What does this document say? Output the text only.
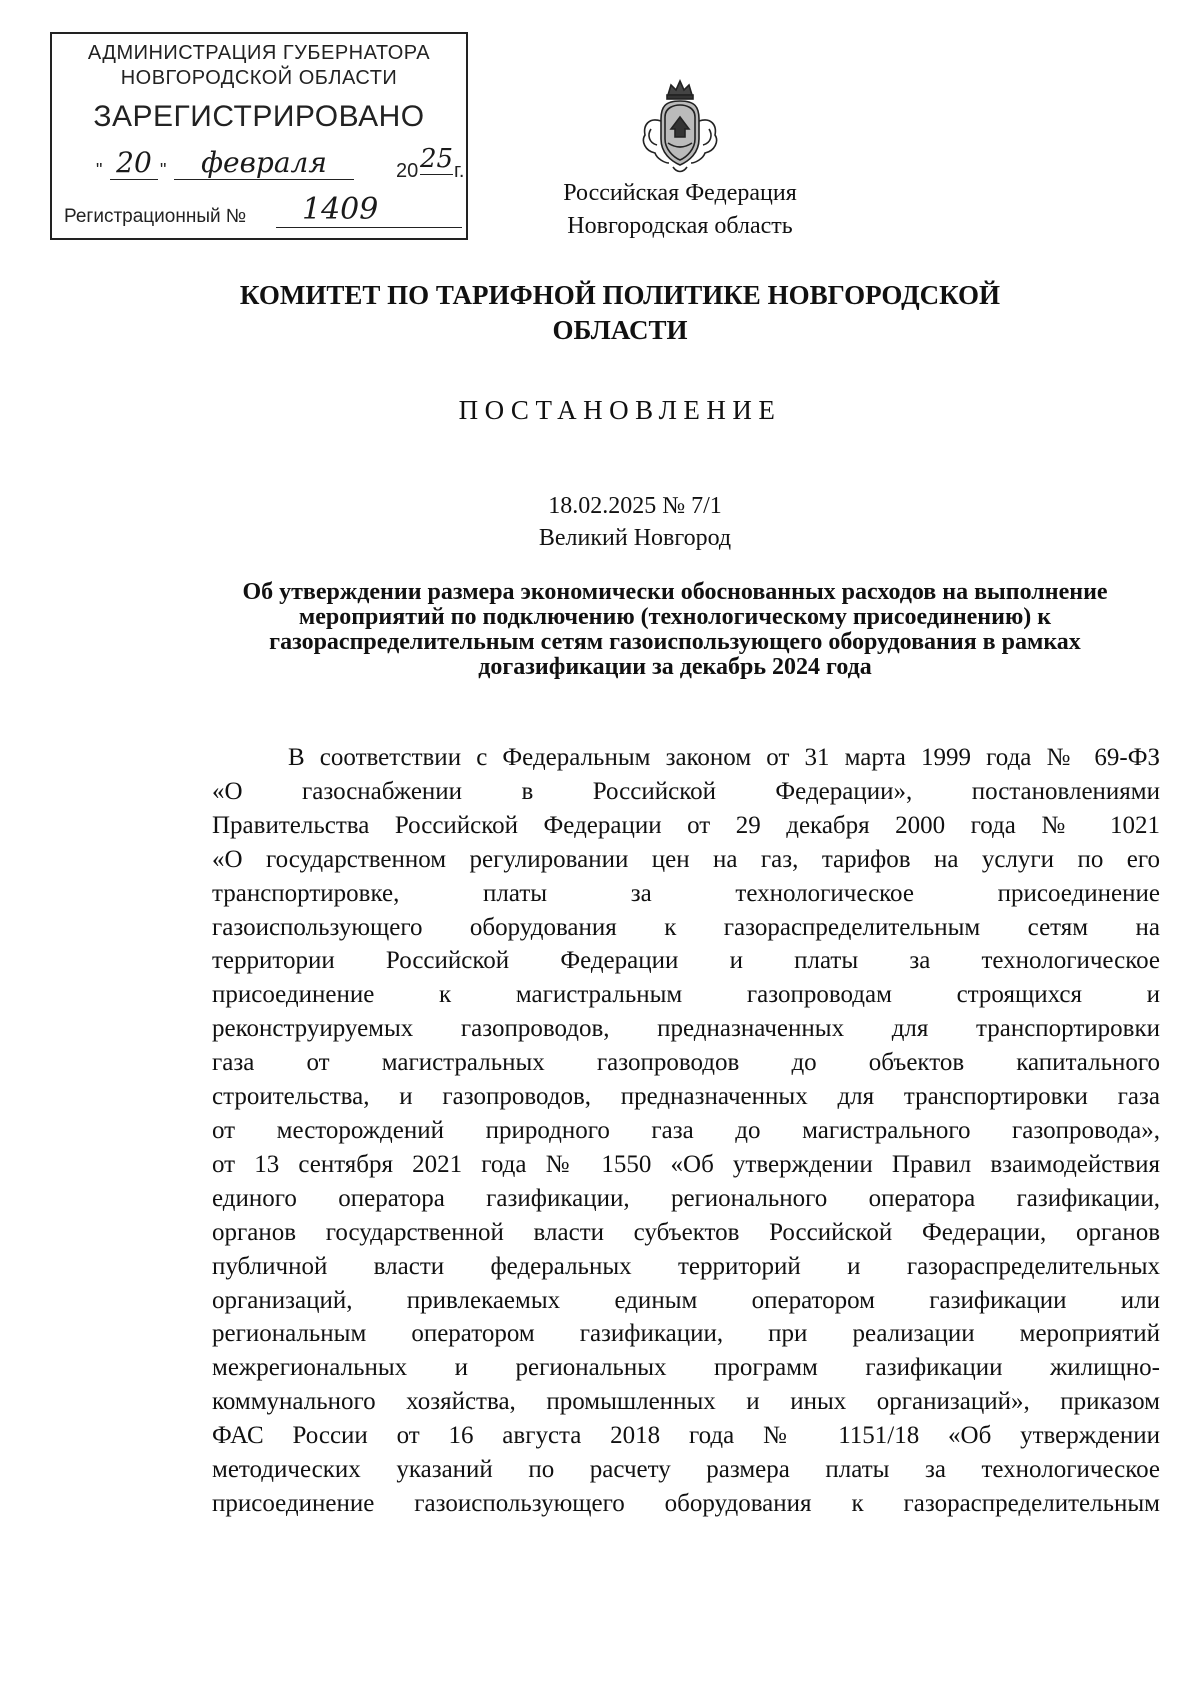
АДМИНИСТРАЦИЯ ГУБЕРНАТОРА
НОВГОРОДСКОЙ ОБЛАСТИ
ЗАРЕГИСТРИРОВАНО
" 20 "	февраля	20 25 г.
Регистрационный №	1409	Российская Федерация
Новгородская область
КОМИТЕТ ПО ТАРИФНОЙ ПОЛИТИКЕ НОВГОРОДСКОЙ ОБЛАСТИ
ПОСТАНОВЛЕНИЕ
18.02.2025 № 7/1
Великий Новгород
Об утверждении размера экономически обоснованных расходов на выполнение мероприятий по подключению (технологическому присоединению) к газораспределительным сетям газоиспользующего оборудования в рамках догазификации за декабрь 2024 года
В соответствии с Федеральным законом от 31 марта 1999 года № 69-ФЗ
«О газоснабжении в Российской Федерации», постановлениями
Правительства Российской Федерации от 29 декабря 2000 года № 1021
«О государственном регулировании цен на газ, тарифов на услуги по его
транспортировке, платы за технологическое присоединение
газоиспользующего оборудования к газораспределительным сетям на
территории Российской Федерации и платы за технологическое
присоединение к магистральным газопроводам строящихся и
реконструируемых газопроводов, предназначенных для транспортировки
газа от магистральных газопроводов до объектов капитального
строительства, и газопроводов, предназначенных для транспортировки газа
от месторождений природного газа до магистрального газопровода»,
от 13 сентября 2021 года № 1550 «Об утверждении Правил взаимодействия
единого оператора газификации, регионального оператора газификации,
органов государственной власти субъектов Российской Федерации, органов
публичной власти федеральных территорий и газораспределительных
организаций, привлекаемых единым оператором газификации или
региональным оператором газификации, при реализации мероприятий
межрегиональных и региональных программ газификации жилищно-
коммунального хозяйства, промышленных и иных организаций», приказом
ФАС России от 16 августа 2018 года № 1151/18 «Об утверждении
методических указаний по расчету размера платы за технологическое
присоединение газоиспользующего оборудования к газораспределительным
